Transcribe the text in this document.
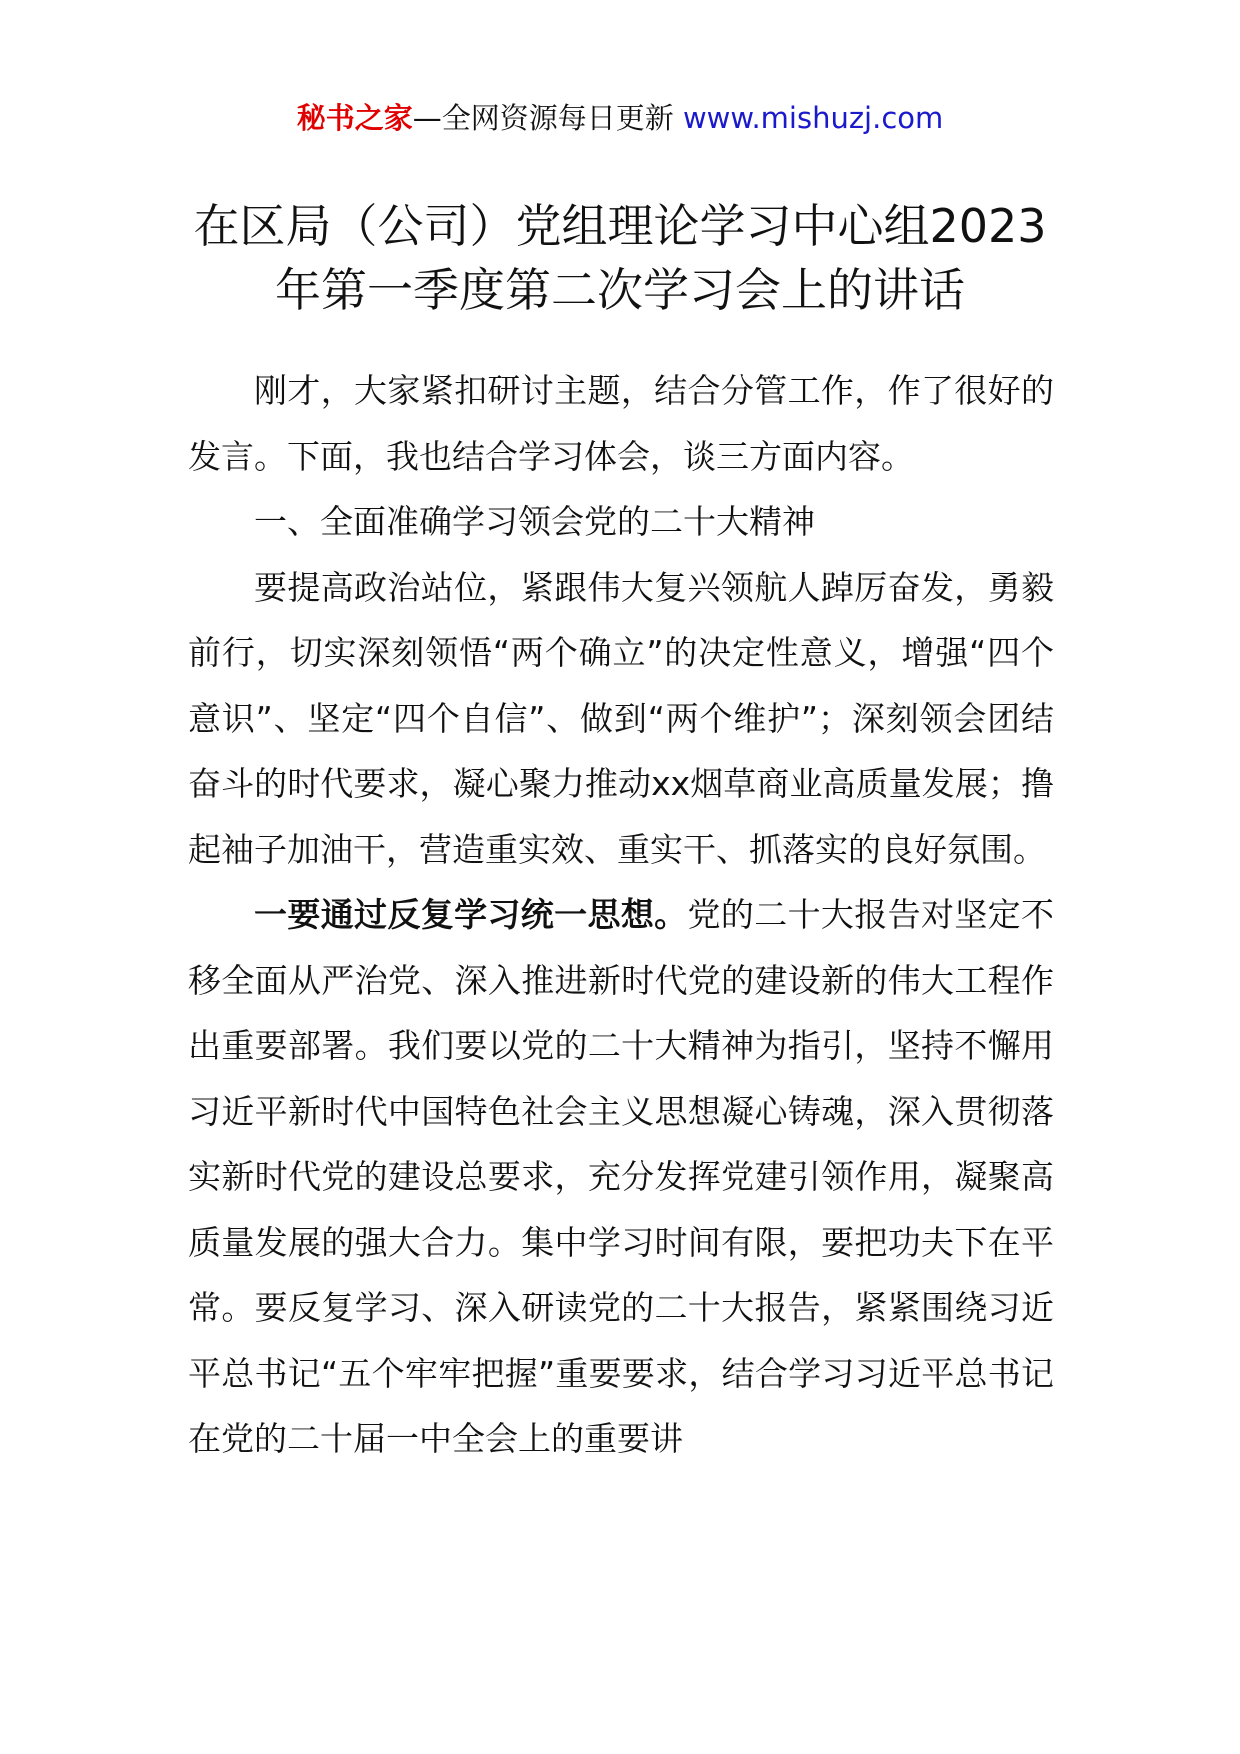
秘书之家—全网资源每日更新 www.mishuzj.com
在区局（公司）党组理论学习中心组2023年第一季度第二次学习会上的讲话

刚才，大家紧扣研讨主题，结合分管工作，作了很好的发言。下面，我也结合学习体会，谈三方面内容。

一、全面准确学习领会党的二十大精神

要提高政治站位，紧跟伟大复兴领航人踔厉奋发，勇毅前行，切实深刻领悟“两个确立”的决定性意义，增强“四个意识”、坚定“四个自信”、做到“两个维护”；深刻领会团结奋斗的时代要求，凝心聚力推动xx烟草商业高质量发展；撸起袖子加油干，营造重实效、重实干、抓落实的良好氛围。

一要通过反复学习统一思想。党的二十大报告对坚定不移全面从严治党、深入推进新时代党的建设新的伟大工程作出重要部署。我们要以党的二十大精神为指引，坚持不懈用习近平新时代中国特色社会主义思想凝心铸魂，深入贯彻落实新时代党的建设总要求，充分发挥党建引领作用，凝聚高质量发展的强大合力。集中学习时间有限，要把功夫下在平常。要反复学习、深入研读党的二十大报告，紧紧围绕习近平总书记“五个牢牢把握”重要要求，结合学习习近平总书记在党的二十届一中全会上的重要讲
